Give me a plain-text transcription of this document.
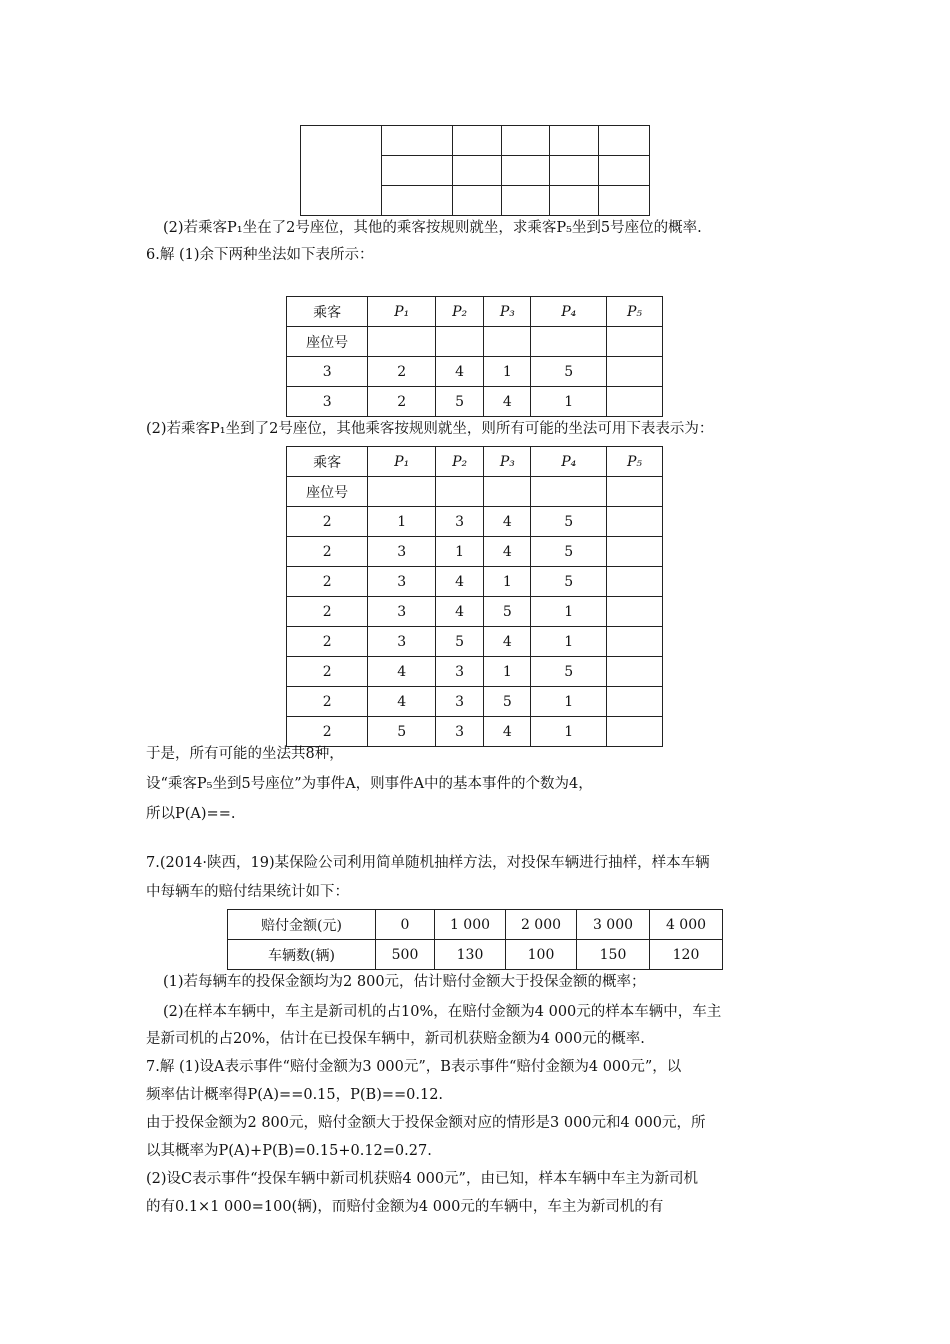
(2)若乘客P₁坐在了2号座位，其他的乘客按规则就坐，求乘客P₅坐到5号座位的概率.
6.解 (1)余下两种坐法如下表所示：
乘客	P₁	P₂	P₃	P₄	P₅
座位号					
3	2	4	1	5	
3	2	5	4	1	
(2)若乘客P₁坐到了2号座位，其他乘客按规则就坐，则所有可能的坐法可用下表表示为：
乘客	P₁	P₂	P₃	P₄	P₅
座位号					
2	1	3	4	5	
2	3	1	4	5	
2	3	4	1	5	
2	3	4	5	1	
2	3	5	4	1	
2	4	3	1	5	
2	4	3	5	1	
2	5	3	4	1	
于是，所有可能的坐法共8种，
设“乘客P₅坐到5号座位”为事件A，则事件A中的基本事件的个数为4，
所以P(A)==.
7.(2014·陕西，19)某保险公司利用简单随机抽样方法，对投保车辆进行抽样，样本车辆
中每辆车的赔付结果统计如下：
赔付金额(元)	0	1 000	2 000	3 000	4 000
车辆数(辆)	500	130	100	150	120
(1)若每辆车的投保金额均为2 800元，估计赔付金额大于投保金额的概率；
(2)在样本车辆中，车主是新司机的占10%，在赔付金额为4 000元的样本车辆中，车主
是新司机的占20%，估计在已投保车辆中，新司机获赔金额为4 000元的概率.
7.解 (1)设A表示事件“赔付金额为3 000元”，B表示事件“赔付金额为4 000元”，以
频率估计概率得P(A)==0.15，P(B)==0.12.
由于投保金额为2 800元，赔付金额大于投保金额对应的情形是3 000元和4 000元，所
以其概率为P(A)+P(B)=0.15+0.12=0.27.
(2)设C表示事件“投保车辆中新司机获赔4 000元”，由已知，样本车辆中车主为新司机
的有0.1×1 000=100(辆)，而赔付金额为4 000元的车辆中，车主为新司机的有
